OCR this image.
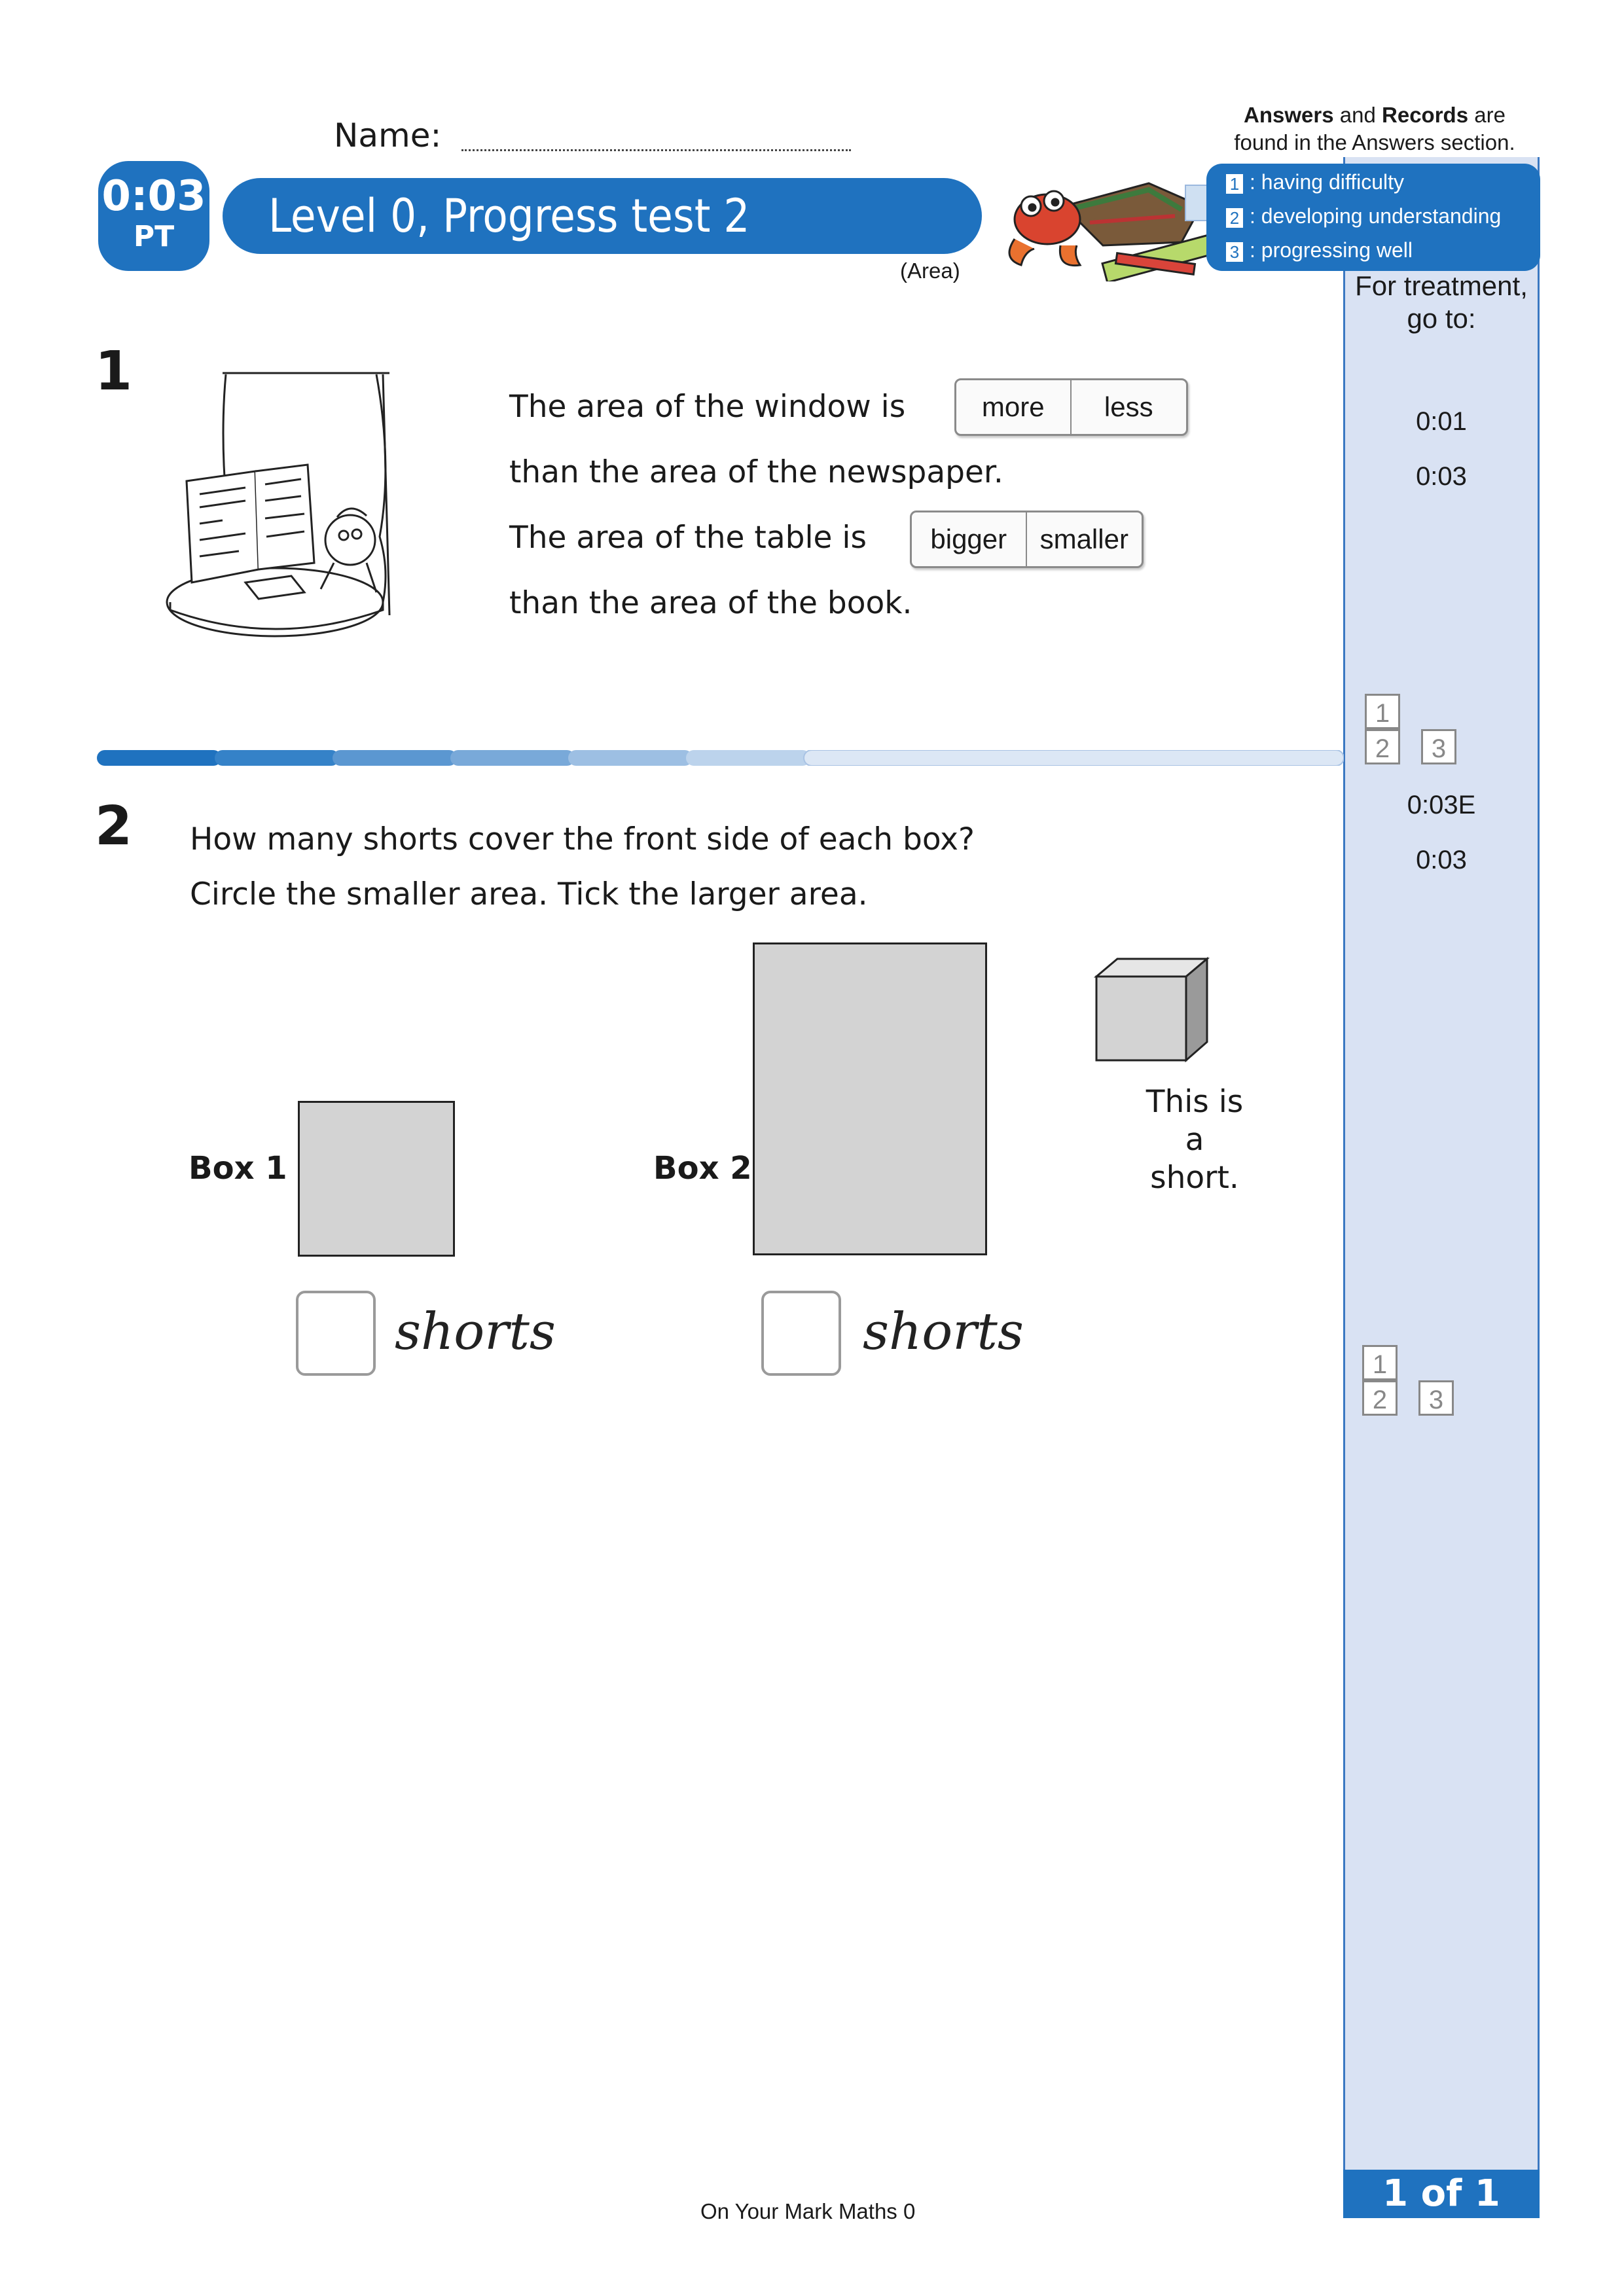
1 of 1
Name:
Answers and Records are
found in the Answers section.
Level 0, Progress test 2
0:03
PT
(Area)
1 : having difficulty
2 : developing understanding
3 : progressing well
For treatment,
go to:
0:01
0:03
12 3
0:03E
0:03
12 3
1
The area of the window is	more	less
than the area of the newspaper.
The area of the table is	bigger	smaller
than the area of the book.
2 How many shorts cover the front side of each box?
Circle the smaller area. Tick the larger area.
Box 1
shorts
Box 2
shorts
This is a
short.
On Your Mark Maths 0
